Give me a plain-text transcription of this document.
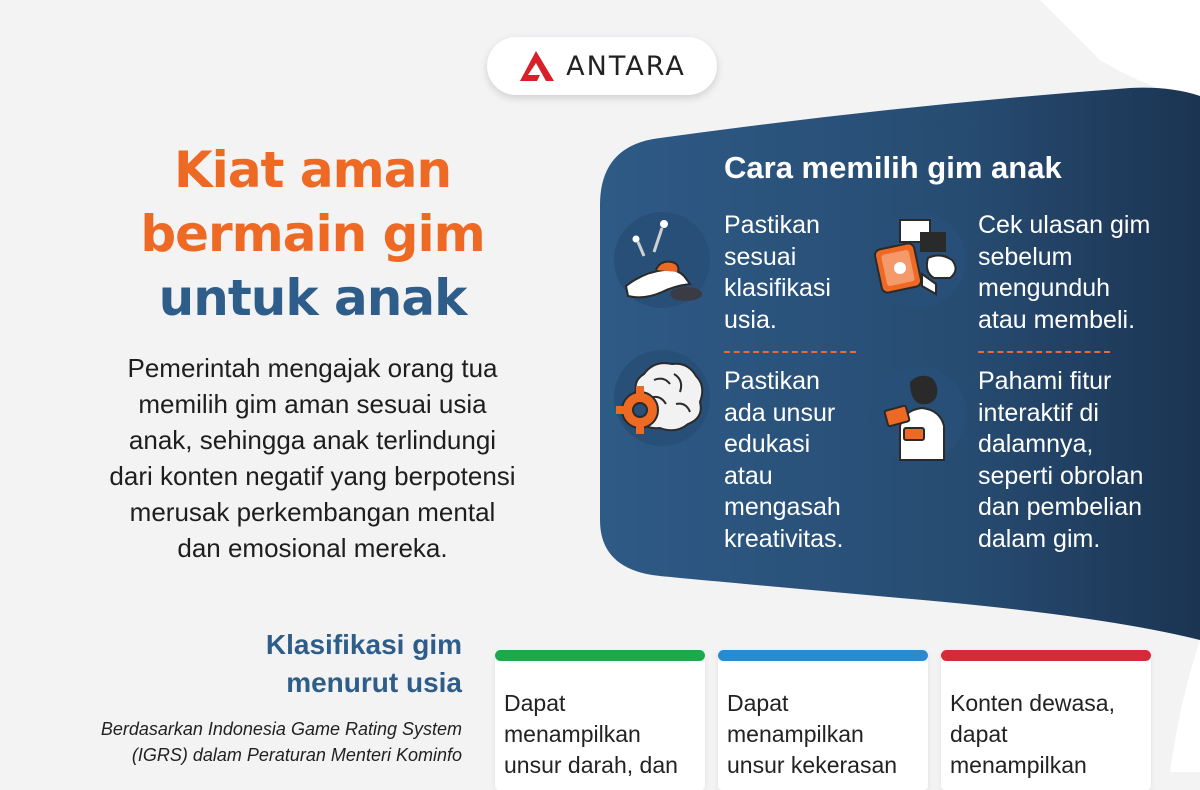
ANTARA
Kiat aman
bermain gim
untuk anak
Pemerintah mengajak orang tua
memilih gim aman sesuai usia
anak, sehingga anak terlindungi
dari konten negatif yang berpotensi
merusak perkembangan mental
dan emosional mereka.
Cara memilih gim anak
Pastikan
sesuai
klasifikasi
usia.
Cek ulasan gim
sebelum
mengunduh
atau membeli.
Pastikan
ada unsur
edukasi
atau
mengasah
kreativitas.
Pahami fitur
interaktif di
dalamnya,
seperti obrolan
dan pembelian
dalam gim.
Klasifikasi gim
menurut usia
Berdasarkan Indonesia Game Rating System
(IGRS) dalam Peraturan Menteri Kominfo
Dapat
menampilkan
unsur darah, dan
Dapat
menampilkan
unsur kekerasan
Konten dewasa,
dapat
menampilkan
